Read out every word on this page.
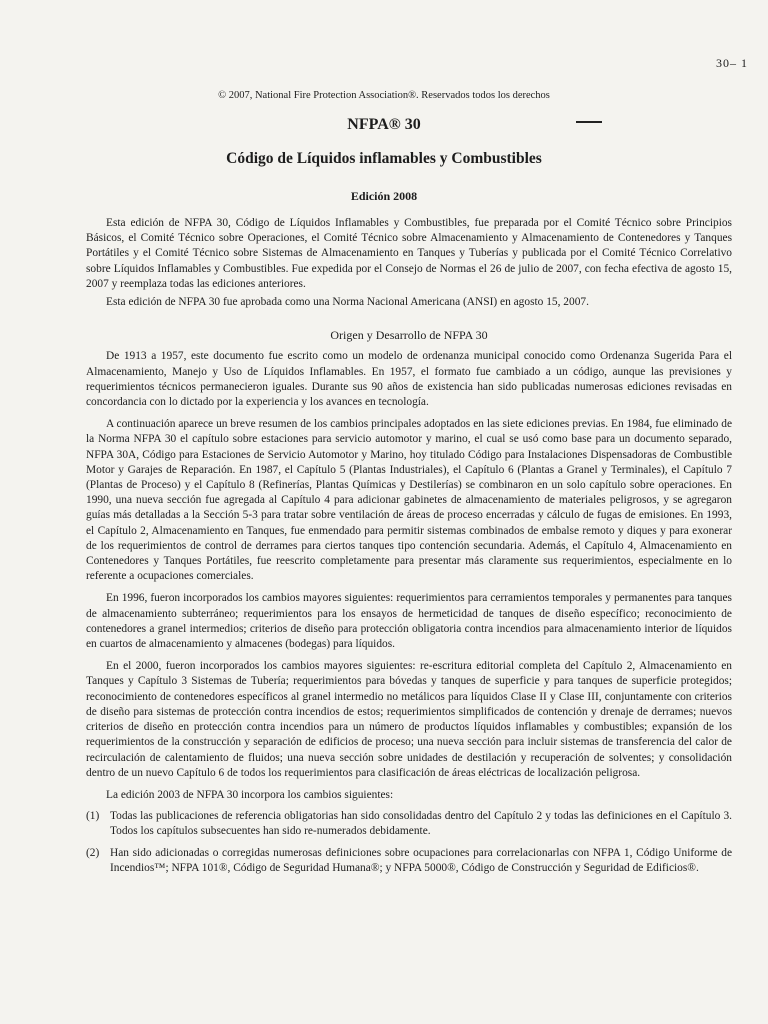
30– 1
© 2007, National Fire Protection Association®. Reservados todos los derechos
NFPA® 30
Código de Líquidos inflamables y Combustibles
Edición 2008

Esta edición de NFPA 30, Código de Líquidos Inflamables y Combustibles, fue preparada por el Comité Técnico sobre Principios Básicos, el Comité Técnico sobre Operaciones, el Comité Técnico sobre Almacenamiento y Almacenamiento de Contenedores y Tanques Portátiles y el Comité Técnico sobre Sistemas de Almacenamiento en Tanques y Tuberías y publicada por el Comité Técnico Correlativo sobre Líquidos Inflamables y Combustibles. Fue expedida por el Consejo de Normas el 26 de julio de 2007, con fecha efectiva de agosto 15, 2007 y reemplaza todas las ediciones anteriores.

Esta edición de NFPA 30 fue aprobada como una Norma Nacional Americana (ANSI) en agosto 15, 2007.

Origen y Desarrollo de NFPA 30

De 1913 a 1957, este documento fue escrito como un modelo de ordenanza municipal conocido como Ordenanza Sugerida Para el Almacenamiento, Manejo y Uso de Líquidos Inflamables. En 1957, el formato fue cambiado a un código, aunque las previsiones y requerimientos técnicos permanecieron iguales. Durante sus 90 años de existencia han sido publicadas numerosas ediciones revisadas en concordancia con lo dictado por la experiencia y los avances en tecnología.

A continuación aparece un breve resumen de los cambios principales adoptados en las siete ediciones previas. En 1984, fue eliminado de la Norma NFPA 30 el capítulo sobre estaciones para servicio automotor y marino, el cual se usó como base para un documento separado, NFPA 30A, Código para Estaciones de Servicio Automotor y Marino, hoy titulado Código para Instalaciones Dispensadoras de Combustible Motor y Garajes de Reparación. En 1987, el Capítulo 5 (Plantas Industriales), el Capítulo 6 (Plantas a Granel y Terminales), el Capítulo 7 (Plantas de Proceso) y el Capítulo 8 (Refinerías, Plantas Químicas y Destilerías) se combinaron en un solo capítulo sobre operaciones. En 1990, una nueva sección fue agregada al Capítulo 4 para adicionar gabinetes de almacenamiento de materiales peligrosos, y se agregaron guías más detalladas a la Sección 5-3 para tratar sobre ventilación de áreas de proceso encerradas y cálculo de fugas de emisiones. En 1993, el Capítulo 2, Almacenamiento en Tanques, fue enmendado para permitir sistemas combinados de embalse remoto y diques y para exonerar de los requerimientos de control de derrames para ciertos tanques tipo contención secundaria. Además, el Capítulo 4, Almacenamiento en Contenedores y Tanques Portátiles, fue reescrito completamente para presentar más claramente sus requerimientos, especialmente en lo referente a ocupaciones comerciales.

En 1996, fueron incorporados los cambios mayores siguientes: requerimientos para cerramientos temporales y permanentes para tanques de almacenamiento subterráneo; requerimientos para los ensayos de hermeticidad de tanques de diseño específico; reconocimiento de contenedores a granel intermedios; criterios de diseño para protección obligatoria contra incendios para almacenamiento interior de líquidos en cuartos de almacenamiento y almacenes (bodegas) para líquidos.

En el 2000, fueron incorporados los cambios mayores siguientes: re-escritura editorial completa del Capítulo 2, Almacenamiento en Tanques y Capítulo 3 Sistemas de Tubería; requerimientos para bóvedas y tanques de superficie y para tanques de superficie protegidos; reconocimiento de contenedores específicos al granel intermedio no metálicos para líquidos Clase II y Clase III, conjuntamente con criterios de diseño para sistemas de protección contra incendios de estos; requerimientos simplificados de contención y drenaje de derrames; nuevos criterios de diseño en protección contra incendios para un número de productos líquidos inflamables y combustibles; expansión de los requerimientos de la construcción y separación de edificios de proceso; una nueva sección para incluir sistemas de transferencia del calor de recirculación de calentamiento de fluidos; una nueva sección sobre unidades de destilación y recuperación de solventes; y consolidación dentro de un nuevo Capítulo 6 de todos los requerimientos para clasificación de áreas eléctricas de localización peligrosa.

La edición 2003 de NFPA 30 incorpora los cambios siguientes:

(1) Todas las publicaciones de referencia obligatorias han sido consolidadas dentro del Capítulo 2 y todas las definiciones en el Capítulo 3. Todos los capítulos subsecuentes han sido re-numerados debidamente.
(2) Han sido adicionadas o corregidas numerosas definiciones sobre ocupaciones para correlacionarlas con NFPA 1, Código Uniforme de Incendios™; NFPA 101®, Código de Seguridad Humana®; y NFPA 5000®, Código de Construcción y Seguridad de Edificios®.
